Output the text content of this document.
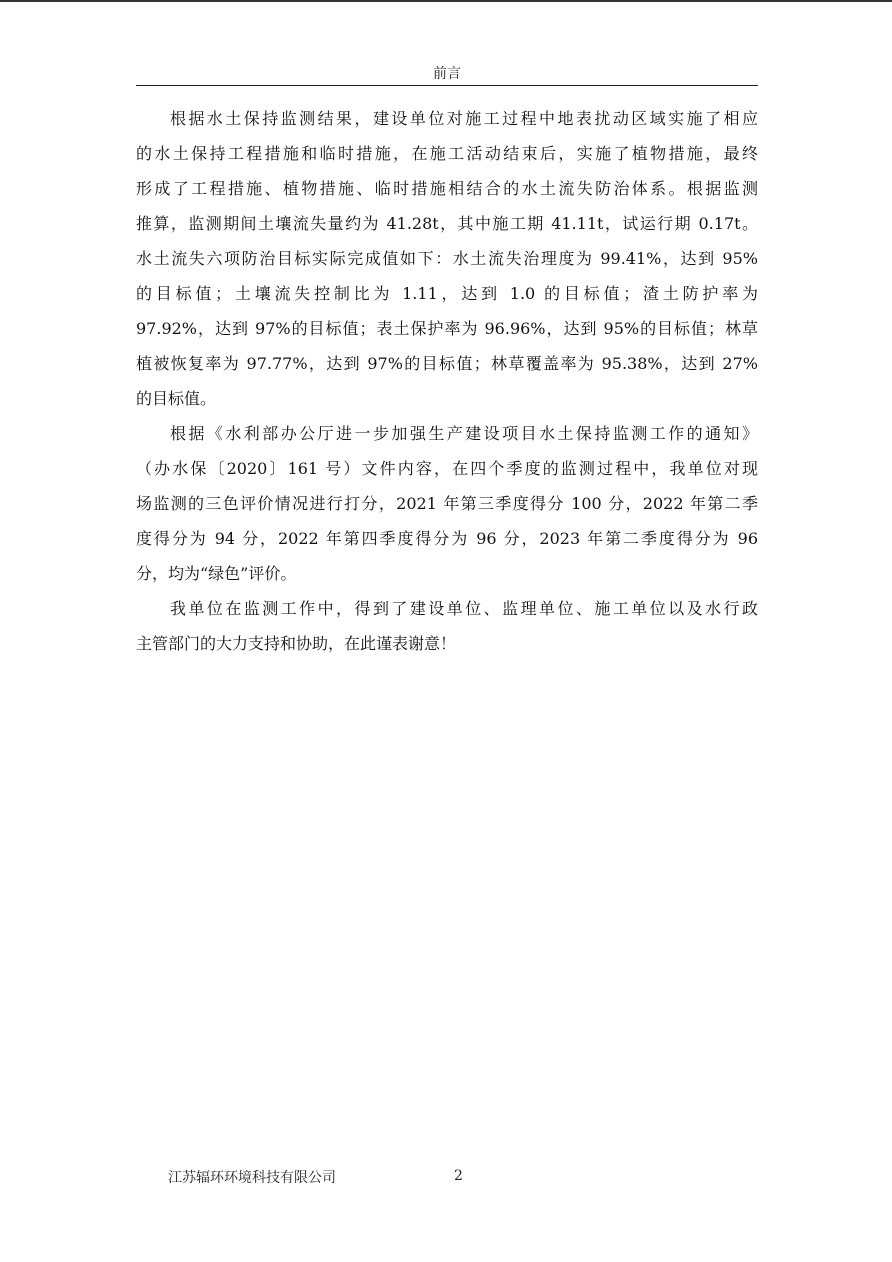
前言
根据水土保持监测结果，建设单位对施工过程中地表扰动区域实施了相应
的水土保持工程措施和临时措施，在施工活动结束后，实施了植物措施，最终
形成了工程措施、植物措施、临时措施相结合的水土流失防治体系。根据监测
推算，监测期间土壤流失量约为 41.28t，其中施工期 41.11t，试运行期 0.17t。
水土流失六项防治目标实际完成值如下：水土流失治理度为 99.41%，达到 95%
的目标值；土壤流失控制比为 1.11，达到 1.0 的目标值；渣土防护率为
97.92%，达到 97%的目标值；表土保护率为 96.96%，达到 95%的目标值；林草
植被恢复率为 97.77%，达到 97%的目标值；林草覆盖率为 95.38%，达到 27%
的目标值。
根据《水利部办公厅进一步加强生产建设项目水土保持监测工作的通知》
（办水保〔2020〕161 号）文件内容，在四个季度的监测过程中，我单位对现
场监测的三色评价情况进行打分，2021 年第三季度得分 100 分，2022 年第二季
度得分为 94 分，2022 年第四季度得分为 96 分，2023 年第二季度得分为 96
分，均为“绿色”评价。
我单位在监测工作中，得到了建设单位、监理单位、施工单位以及水行政
主管部门的大力支持和协助，在此谨表谢意！
江苏辐环环境科技有限公司	2
